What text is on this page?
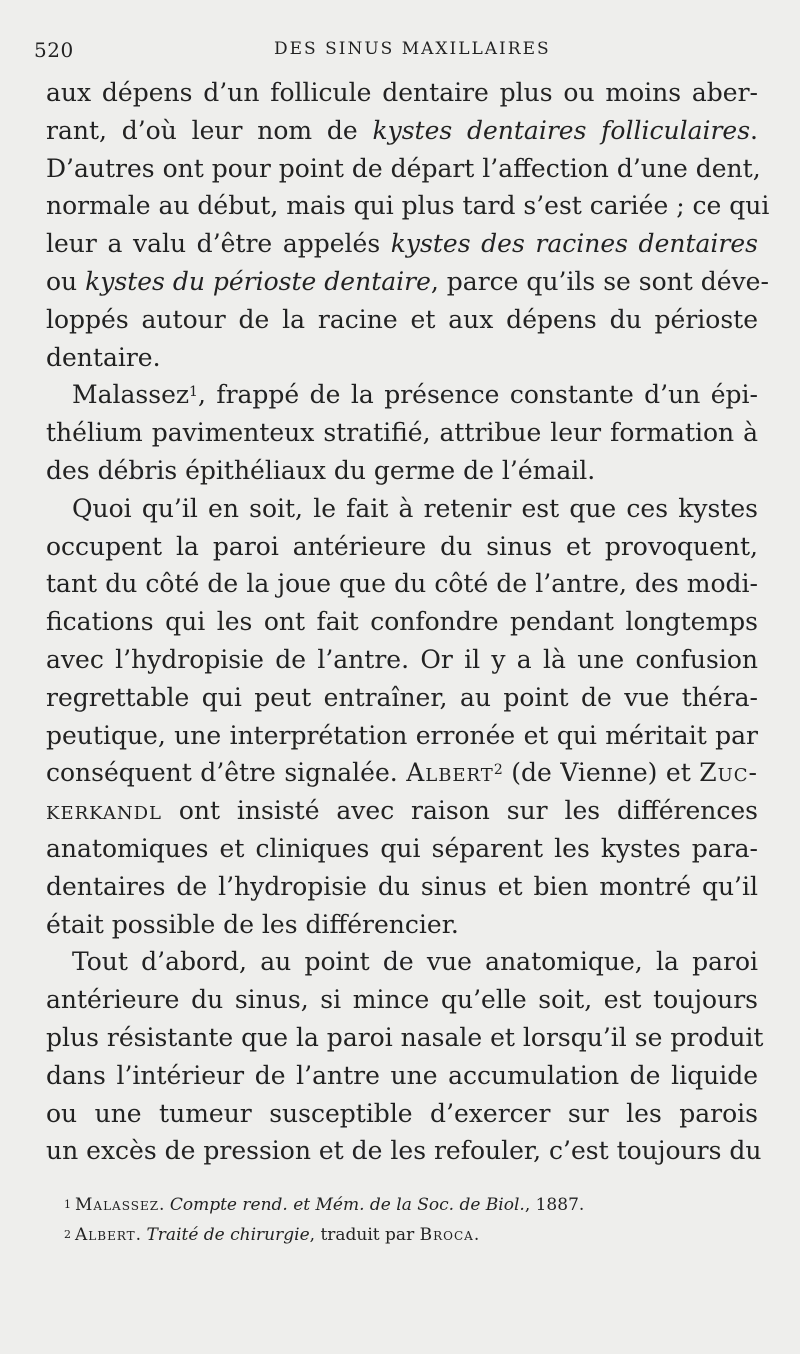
520	DES SINUS MAXILLAIRES
aux dépens d’un follicule dentaire plus ou moins aber-
rant, d’où leur nom de kystes dentaires folliculaires.
D’autres ont pour point de départ l’affection d’une dent,
normale au début, mais qui plus tard s’est cariée ; ce qui
leur a valu d’être appelés kystes des racines dentaires
ou kystes du périoste dentaire, parce qu’ils se sont déve-
loppés autour de la racine et aux dépens du périoste
dentaire.
Malassez$^1$, frappé de la présence constante d’un épi-
thélium pavimenteux stratifié, attribue leur formation à
des débris épithéliaux du germe de l’émail.
Quoi qu’il en soit, le fait à retenir est que ces kystes
occupent la paroi antérieure du sinus et provoquent,
tant du côté de la joue que du côté de l’antre, des modi-
fications qui les ont fait confondre pendant longtemps
avec l’hydropisie de l’antre. Or il y a là une confusion
regrettable qui peut entraîner, au point de vue théra-
peutique, une interprétation erronée et qui méritait par
conséquent d’être signalée. Albert$^2$ (de Vienne) et Zuc-
kerkandl ont insisté avec raison sur les différences
anatomiques et cliniques qui séparent les kystes para-
dentaires de l’hydropisie du sinus et bien montré qu’il
était possible de les différencier.
Tout d’abord, au point de vue anatomique, la paroi
antérieure du sinus, si mince qu’elle soit, est toujours
plus résistante que la paroi nasale et lorsqu’il se produit
dans l’intérieur de l’antre une accumulation de liquide
ou une tumeur susceptible d’exercer sur les parois
un excès de pression et de les refouler, c’est toujours du
$^1$ Malassez. Compte rend. et Mém. de la Soc. de Biol., 1887.
$^2$ Albert. Traité de chirurgie, traduit par Broca.
